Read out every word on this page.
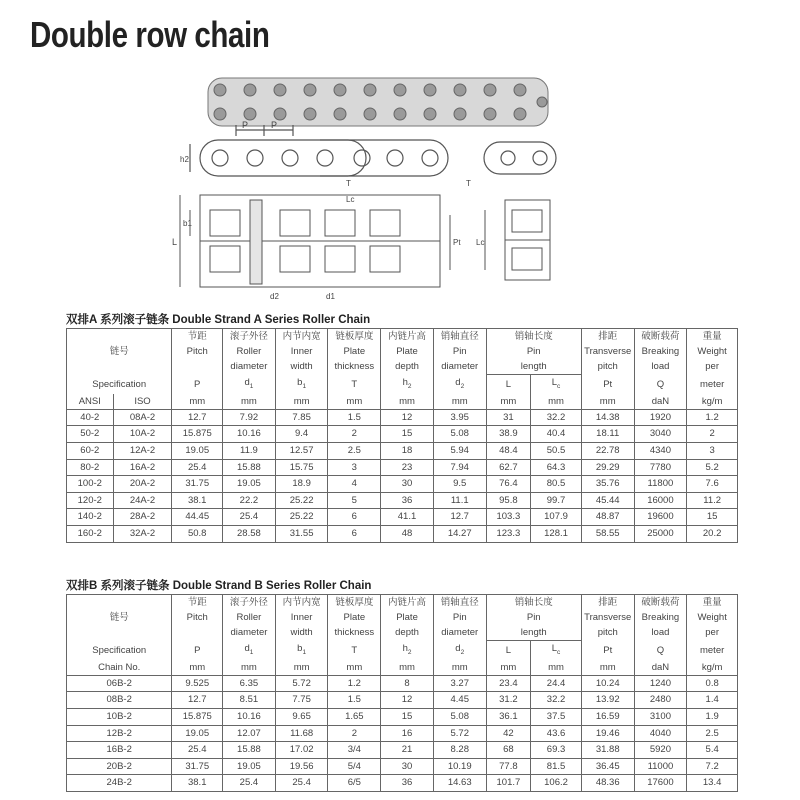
Double row chain
P	P
h2
T	T
Lc
L
b1
Pt Lc
d2	d1
双排A 系列滚子链条 Double Strand A Series Roller Chain
		节距	滚子外径	内节内宽	链板厚度	内链片高	销轴直径	销轴长度		排距	破断载荷	重量
链号		Pitch	Roller	Inner	Plate	Plate	Pin	Pin		Transverse	Breaking	Weight
			diameter	width	thickness	depth	diameter	length		pitch	load	per
Specification		P	$d_1$	$b_1$	T	$h_2$	$d_2$	L	$L_c$	Pt	Q	meter
ANSI	ISO	mm	mm	mm	mm	mm	mm	mm	mm	mm	daN	kg/m
40-2	08A-2	12.7	7.92	7.85	1.5	12	3.95	31	32.2	14.38	1920	1.2
50-2	10A-2	15.875	10.16	9.4	2	15	5.08	38.9	40.4	18.11	3040	2
60-2	12A-2	19.05	11.9	12.57	2.5	18	5.94	48.4	50.5	22.78	4340	3
80-2	16A-2	25.4	15.88	15.75	3	23	7.94	62.7	64.3	29.29	7780	5.2
100-2	20A-2	31.75	19.05	18.9	4	30	9.5	76.4	80.5	35.76	11800	7.6
120-2	24A-2	38.1	22.2	25.22	5	36	11.1	95.8	99.7	45.44	16000	11.2
140-2	28A-2	44.45	25.4	25.22	6	41.1	12.7	103.3	107.9	48.87	19600	15
160-2	32A-2	50.8	28.58	31.55	6	48	14.27	123.3	128.1	58.55	25000	20.2
双排B 系列滚子链条 Double Strand B Series Roller Chain
	节距	滚子外径	内节内宽	链板厚度	内链片高	销轴直径	销轴长度		排距	破断载荷	重量
链号	Pitch	Roller	Inner	Plate	Plate	Pin	Pin		Transverse	Breaking	Weight
		diameter	width	thickness	depth	diameter	length		pitch	load	per
Specification	P	$d_1$	$b_1$	T	$h_2$	$d_2$	L	$L_c$	Pt	Q	meter
Chain No.	mm	mm	mm	mm	mm	mm	mm	mm	mm	daN	kg/m
06B-2	9.525	6.35	5.72	1.2	8	3.27	23.4	24.4	10.24	1240	0.8
08B-2	12.7	8.51	7.75	1.5	12	4.45	31.2	32.2	13.92	2480	1.4
10B-2	15.875	10.16	9.65	1.65	15	5.08	36.1	37.5	16.59	3100	1.9
12B-2	19.05	12.07	11.68	2	16	5.72	42	43.6	19.46	4040	2.5
16B-2	25.4	15.88	17.02	3/4	21	8.28	68	69.3	31.88	5920	5.4
20B-2	31.75	19.05	19.56	5/4	30	10.19	77.8	81.5	36.45	11000	7.2
24B-2	38.1	25.4	25.4	6/5	36	14.63	101.7	106.2	48.36	17600	13.4
